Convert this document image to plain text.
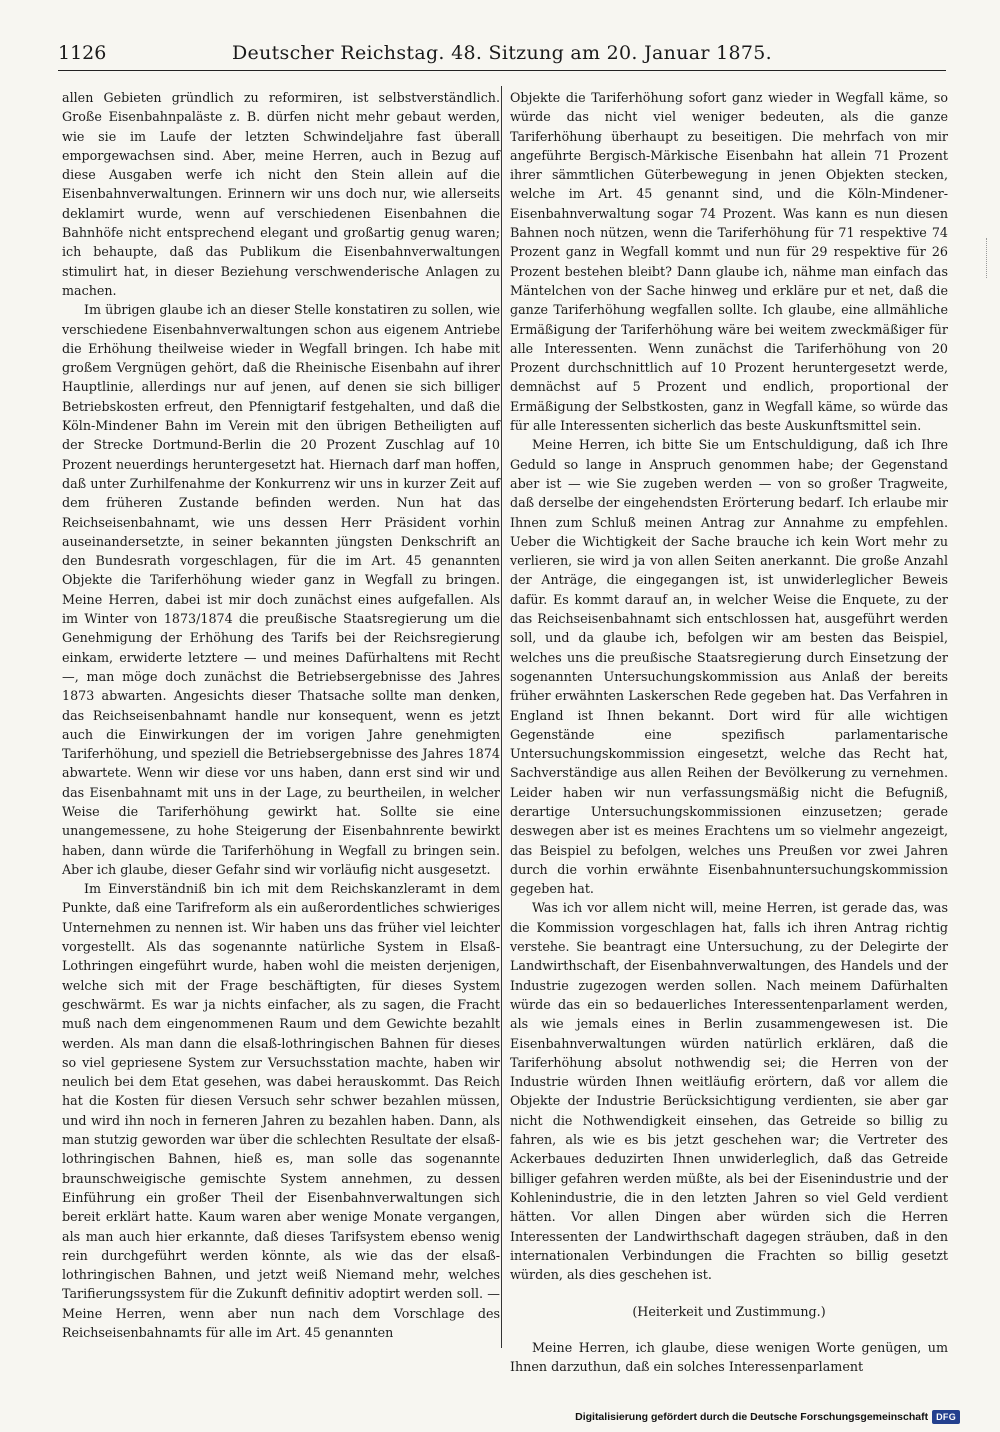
1126	Deutscher Reichstag. 48. Sitzung am 20. Januar 1875.

allen Gebieten gründlich zu reformiren, ist selbstverständlich. Große Eisenbahnpaläste z. B. dürfen nicht mehr gebaut werden, wie sie im Laufe der letzten Schwindeljahre fast überall emporgewachsen sind. Aber, meine Herren, auch in Bezug auf diese Ausgaben werfe ich nicht den Stein allein auf die Eisenbahnverwaltungen. Erinnern wir uns doch nur, wie allerseits deklamirt wurde, wenn auf verschiedenen Eisenbahnen die Bahnhöfe nicht entsprechend elegant und großartig genug waren; ich behaupte, daß das Publikum die Eisenbahnverwaltungen stimulirt hat, in dieser Beziehung verschwenderische Anlagen zu machen.

Im übrigen glaube ich an dieser Stelle konstatiren zu sollen, wie verschiedene Eisenbahnverwaltungen schon aus eigenem Antriebe die Erhöhung theilweise wieder in Wegfall bringen. Ich habe mit großem Vergnügen gehört, daß die Rheinische Eisenbahn auf ihrer Hauptlinie, allerdings nur auf jenen, auf denen sie sich billiger Betriebskosten erfreut, den Pfennigtarif festgehalten, und daß die Köln-Mindener Bahn im Verein mit den übrigen Betheiligten auf der Strecke Dortmund-Berlin die 20 Prozent Zuschlag auf 10 Prozent neuerdings heruntergesetzt hat. Hiernach darf man hoffen, daß unter Zurhilfenahme der Konkurrenz wir uns in kurzer Zeit auf dem früheren Zustande befinden werden. Nun hat das Reichseisenbahnamt, wie uns dessen Herr Präsident vorhin auseinandersetzte, in seiner bekannten jüngsten Denkschrift an den Bundesrath vorgeschlagen, für die im Art. 45 genannten Objekte die Tariferhöhung wieder ganz in Wegfall zu bringen. Meine Herren, dabei ist mir doch zunächst eines aufgefallen. Als im Winter von 1873/1874 die preußische Staatsregierung um die Genehmigung der Erhöhung des Tarifs bei der Reichsregierung einkam, erwiderte letztere — und meines Dafürhaltens mit Recht —, man möge doch zunächst die Betriebsergebnisse des Jahres 1873 abwarten. Angesichts dieser Thatsache sollte man denken, das Reichseisenbahnamt handle nur konsequent, wenn es jetzt auch die Einwirkungen der im vorigen Jahre genehmigten Tariferhöhung, und speziell die Betriebsergebnisse des Jahres 1874 abwartete. Wenn wir diese vor uns haben, dann erst sind wir und das Eisenbahnamt mit uns in der Lage, zu beurtheilen, in welcher Weise die Tariferhöhung gewirkt hat. Sollte sie eine unangemessene, zu hohe Steigerung der Eisenbahnrente bewirkt haben, dann würde die Tariferhöhung in Wegfall zu bringen sein. Aber ich glaube, dieser Gefahr sind wir vorläufig nicht ausgesetzt.

Im Einverständniß bin ich mit dem Reichskanzleramt in dem Punkte, daß eine Tarifreform als ein außerordentliches schwieriges Unternehmen zu nennen ist. Wir haben uns das früher viel leichter vorgestellt. Als das sogenannte natürliche System in Elsaß-Lothringen eingeführt wurde, haben wohl die meisten derjenigen, welche sich mit der Frage beschäftigten, für dieses System geschwärmt. Es war ja nichts einfacher, als zu sagen, die Fracht muß nach dem eingenommenen Raum und dem Gewichte bezahlt werden. Als man dann die elsaß-lothringischen Bahnen für dieses so viel gepriesene System zur Versuchsstation machte, haben wir neulich bei dem Etat gesehen, was dabei herauskommt. Das Reich hat die Kosten für diesen Versuch sehr schwer bezahlen müssen, und wird ihn noch in ferneren Jahren zu bezahlen haben. Dann, als man stutzig geworden war über die schlechten Resultate der elsaß-lothringischen Bahnen, hieß es, man solle das sogenannte braunschweigische gemischte System annehmen, zu dessen Einführung ein großer Theil der Eisenbahnverwaltungen sich bereit erklärt hatte. Kaum waren aber wenige Monate vergangen, als man auch hier erkannte, daß dieses Tarifsystem ebenso wenig rein durchgeführt werden könnte, als wie das der elsaß-lothringischen Bahnen, und jetzt weiß Niemand mehr, welches Tarifierungssystem für die Zukunft definitiv adoptirt werden soll. — Meine Herren, wenn aber nun nach dem Vorschlage des Reichseisenbahnamts für alle im Art. 45 genannten

Objekte die Tariferhöhung sofort ganz wieder in Wegfall käme, so würde das nicht viel weniger bedeuten, als die ganze Tariferhöhung überhaupt zu beseitigen. Die mehrfach von mir angeführte Bergisch-Märkische Eisenbahn hat allein 71 Prozent ihrer sämmtlichen Güterbewegung in jenen Objekten stecken, welche im Art. 45 genannt sind, und die Köln-Mindener-Eisenbahnverwaltung sogar 74 Prozent. Was kann es nun diesen Bahnen noch nützen, wenn die Tariferhöhung für 71 respektive 74 Prozent ganz in Wegfall kommt und nun für 29 respektive für 26 Prozent bestehen bleibt? Dann glaube ich, nähme man einfach das Mäntelchen von der Sache hinweg und erkläre pur et net, daß die ganze Tariferhöhung wegfallen sollte. Ich glaube, eine allmähliche Ermäßigung der Tariferhöhung wäre bei weitem zweckmäßiger für alle Interessenten. Wenn zunächst die Tariferhöhung von 20 Prozent durchschnittlich auf 10 Prozent heruntergesetzt werde, demnächst auf 5 Prozent und endlich, proportional der Ermäßigung der Selbstkosten, ganz in Wegfall käme, so würde das für alle Interessenten sicherlich das beste Auskunftsmittel sein.

Meine Herren, ich bitte Sie um Entschuldigung, daß ich Ihre Geduld so lange in Anspruch genommen habe; der Gegenstand aber ist — wie Sie zugeben werden — von so großer Tragweite, daß derselbe der eingehendsten Erörterung bedarf. Ich erlaube mir Ihnen zum Schluß meinen Antrag zur Annahme zu empfehlen. Ueber die Wichtigkeit der Sache brauche ich kein Wort mehr zu verlieren, sie wird ja von allen Seiten anerkannt. Die große Anzahl der Anträge, die eingegangen ist, ist unwiderleglicher Beweis dafür. Es kommt darauf an, in welcher Weise die Enquete, zu der das Reichseisenbahnamt sich entschlossen hat, ausgeführt werden soll, und da glaube ich, befolgen wir am besten das Beispiel, welches uns die preußische Staatsregierung durch Einsetzung der sogenannten Untersuchungskommission aus Anlaß der bereits früher erwähnten Laskerschen Rede gegeben hat. Das Verfahren in England ist Ihnen bekannt. Dort wird für alle wichtigen Gegenstände eine spezifisch parlamentarische Untersuchungskommission eingesetzt, welche das Recht hat, Sachverständige aus allen Reihen der Bevölkerung zu vernehmen. Leider haben wir nun verfassungsmäßig nicht die Befugniß, derartige Untersuchungskommissionen einzusetzen; gerade deswegen aber ist es meines Erachtens um so vielmehr angezeigt, das Beispiel zu befolgen, welches uns Preußen vor zwei Jahren durch die vorhin erwähnte Eisenbahnuntersuchungskommission gegeben hat.

Was ich vor allem nicht will, meine Herren, ist gerade das, was die Kommission vorgeschlagen hat, falls ich ihren Antrag richtig verstehe. Sie beantragt eine Untersuchung, zu der Delegirte der Landwirthschaft, der Eisenbahnverwaltungen, des Handels und der Industrie zugezogen werden sollen. Nach meinem Dafürhalten würde das ein so bedauerliches Interessentenparlament werden, als wie jemals eines in Berlin zusammengewesen ist. Die Eisenbahnverwaltungen würden natürlich erklären, daß die Tariferhöhung absolut nothwendig sei; die Herren von der Industrie würden Ihnen weitläufig erörtern, daß vor allem die Objekte der Industrie Berücksichtigung verdienten, sie aber gar nicht die Nothwendigkeit einsehen, das Getreide so billig zu fahren, als wie es bis jetzt geschehen war; die Vertreter des Ackerbaues deduzirten Ihnen unwiderleglich, daß das Getreide billiger gefahren werden müßte, als bei der Eisenindustrie und der Kohlenindustrie, die in den letzten Jahren so viel Geld verdient hätten. Vor allen Dingen aber würden sich die Herren Interessenten der Landwirthschaft dagegen sträuben, daß in den internationalen Verbindungen die Frachten so billig gesetzt würden, als dies geschehen ist.

(Heiterkeit und Zustimmung.)

Meine Herren, ich glaube, diese wenigen Worte genügen, um Ihnen darzuthun, daß ein solches Interessenparlament

Digitalisierung gefördert durch die Deutsche Forschungsgemeinschaft DFG
